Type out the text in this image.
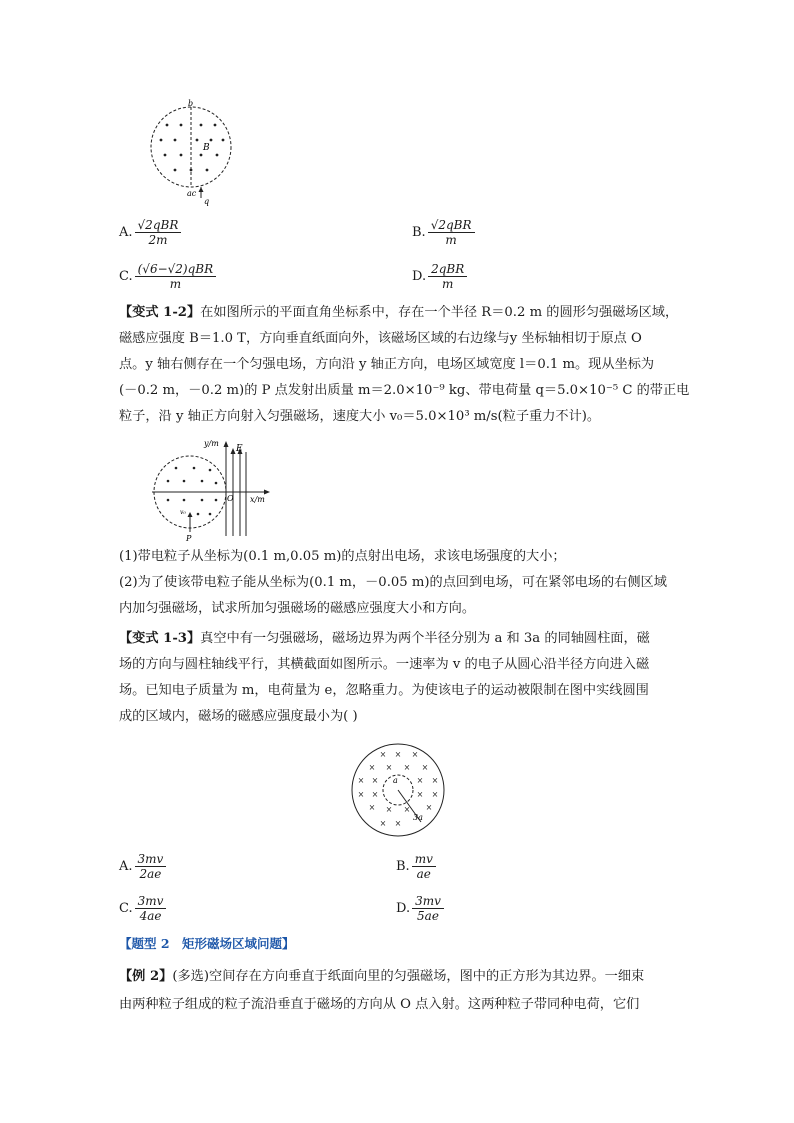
b
B
ac
q
A. $\frac{\text{√2qBR}}{2m}$	B. $\frac{\text{√2qBR}}{m}$
C. $\frac{\text{(√6−√2)qBR}}{m}$	D. $\frac{\text{2qBR}}{m}$
【变式 1-2】在如图所示的平面直角坐标系中，存在一个半径 R＝0.2 m 的圆形匀强磁场区域，
磁感应强度 B＝1.0 T，方向垂直纸面向外，该磁场区域的右边缘与y 坐标轴相切于原点 O
点。y 轴右侧存在一个匀强电场，方向沿 y 轴正方向，电场区域宽度 l＝0.1 m。现从坐标为
(－0.2 m，－0.2 m)的 P 点发射出质量 m＝2.0×10⁻⁹ kg、带电荷量 q＝5.0×10⁻⁵ C 的带正电
粒子，沿 y 轴正方向射入匀强磁场，速度大小 v₀＝5.0×10³ m/s(粒子重力不计)。
y/m
x/m
E
O
P
v₀
(1)带电粒子从坐标为(0.1 m,0.05 m)的点射出电场，求该电场强度的大小；
(2)为了使该带电粒子能从坐标为(0.1 m，－0.05 m)的点回到电场，可在紧邻电场的右侧区域
内加匀强磁场，试求所加匀强磁场的磁感应强度大小和方向。
【变式 1-3】真空中有一匀强磁场，磁场边界为两个半径分别为 a 和 3a 的同轴圆柱面，磁
场的方向与圆柱轴线平行，其横截面如图所示。一速率为 v 的电子从圆心沿半径方向进入磁
场。已知电子质量为 m，电荷量为 e，忽略重力。为使该电子的运动被限制在图中实线圆围
成的区域内，磁场的磁感应强度最小为( )
× × ×
× × × ×
× ×	× ×
× ×	× ×
× × × ×
× ×
a
3a
A. $\frac{3mv}{2ae}$	B. $\frac{mv}{ae}$
C. $\frac{3mv}{4ae}$	D. $\frac{3mv}{5ae}$
【题型 2　矩形磁场区域问题】
【例 2】(多选)空间存在方向垂直于纸面向里的匀强磁场，图中的正方形为其边界。一细束
由两种粒子组成的粒子流沿垂直于磁场的方向从 O 点入射。这两种粒子带同种电荷，它们
